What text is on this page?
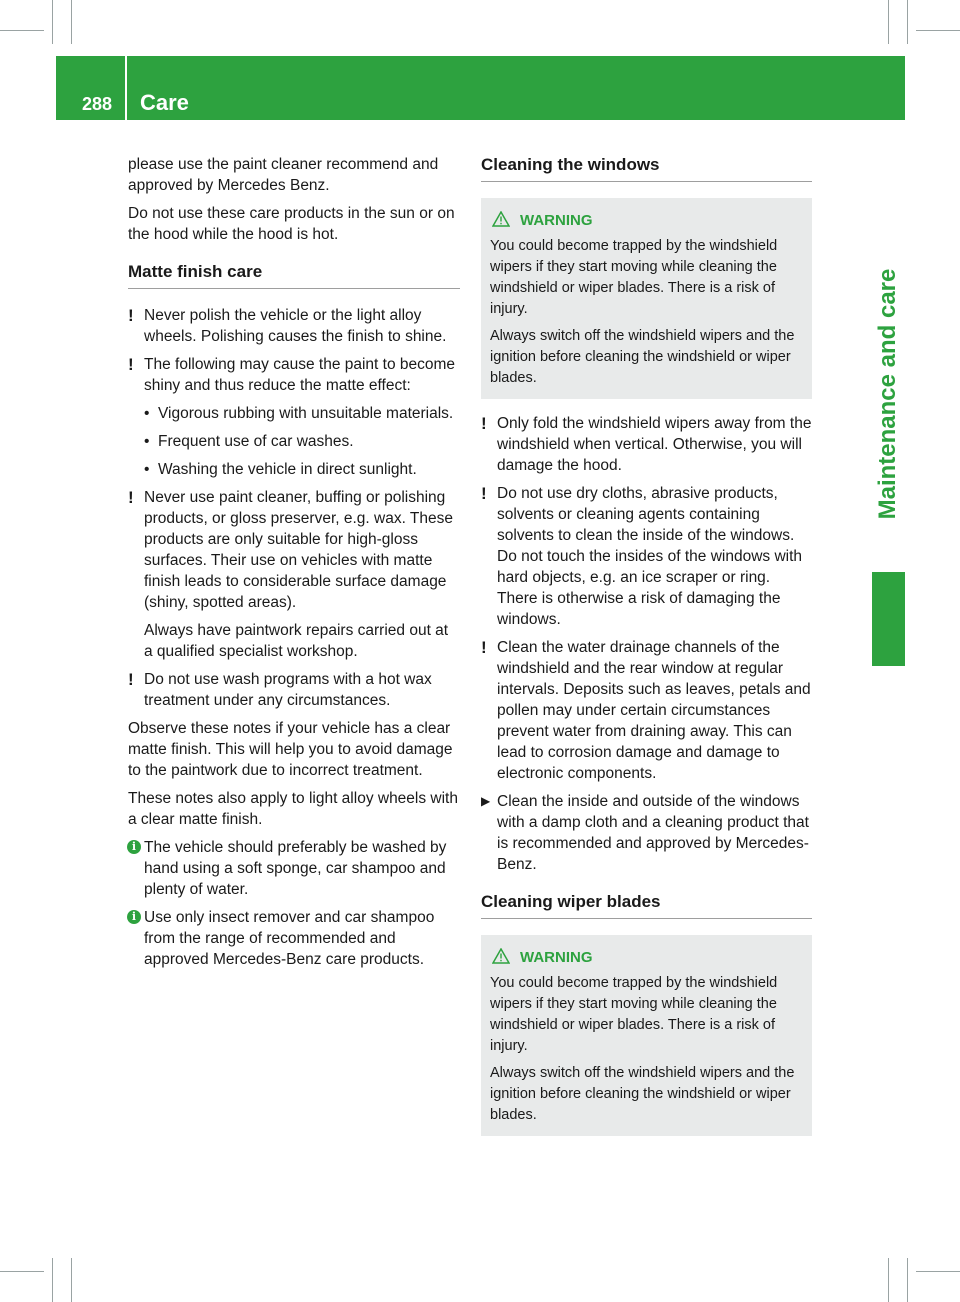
288 Care
Maintenance and care

please use the paint cleaner recommend and approved by Mercedes Benz.

Do not use these care products in the sun or on the hood while the hood is hot.

Matte finish care
! Never polish the vehicle or the light alloy wheels. Polishing causes the finish to shine.
! The following may cause the paint to become shiny and thus reduce the matte effect:
• Vigorous rubbing with unsuitable materials.
• Frequent use of car washes.
• Washing the vehicle in direct sunlight.
! Never use paint cleaner, buffing or polishing products, or gloss preserver, e.g. wax. These products are only suitable for high-gloss surfaces. Their use on vehicles with matte finish leads to considerable surface damage (shiny, spotted areas).

Always have paintwork repairs carried out at a qualified specialist workshop.

! Do not use wash programs with a hot wax treatment under any circumstances.

Observe these notes if your vehicle has a clear matte finish. This will help you to avoid damage to the paintwork due to incorrect treatment.

These notes also apply to light alloy wheels with a clear matte finish.

i The vehicle should preferably be washed by hand using a soft sponge, car shampoo and plenty of water.
i Use only insect remover and car shampoo from the range of recommended and approved Mercedes-Benz care products.
Cleaning the windows
WARNING

You could become trapped by the windshield wipers if they start moving while cleaning the windshield or wiper blades. There is a risk of injury.

Always switch off the windshield wipers and the ignition before cleaning the windshield or wiper blades.

! Only fold the windshield wipers away from the windshield when vertical. Otherwise, you will damage the hood.
! Do not use dry cloths, abrasive products, solvents or cleaning agents containing solvents to clean the inside of the windows. Do not touch the insides of the windows with hard objects, e.g. an ice scraper or ring. There is otherwise a risk of damaging the windows.
! Clean the water drainage channels of the windshield and the rear window at regular intervals. Deposits such as leaves, petals and pollen may under certain circumstances prevent water from draining away. This can lead to corrosion damage and damage to electronic components.
▶ Clean the inside and outside of the windows with a damp cloth and a cleaning product that is recommended and approved by Mercedes-Benz.
Cleaning wiper blades
WARNING

You could become trapped by the windshield wipers if they start moving while cleaning the windshield or wiper blades. There is a risk of injury.

Always switch off the windshield wipers and the ignition before cleaning the windshield or wiper blades.
